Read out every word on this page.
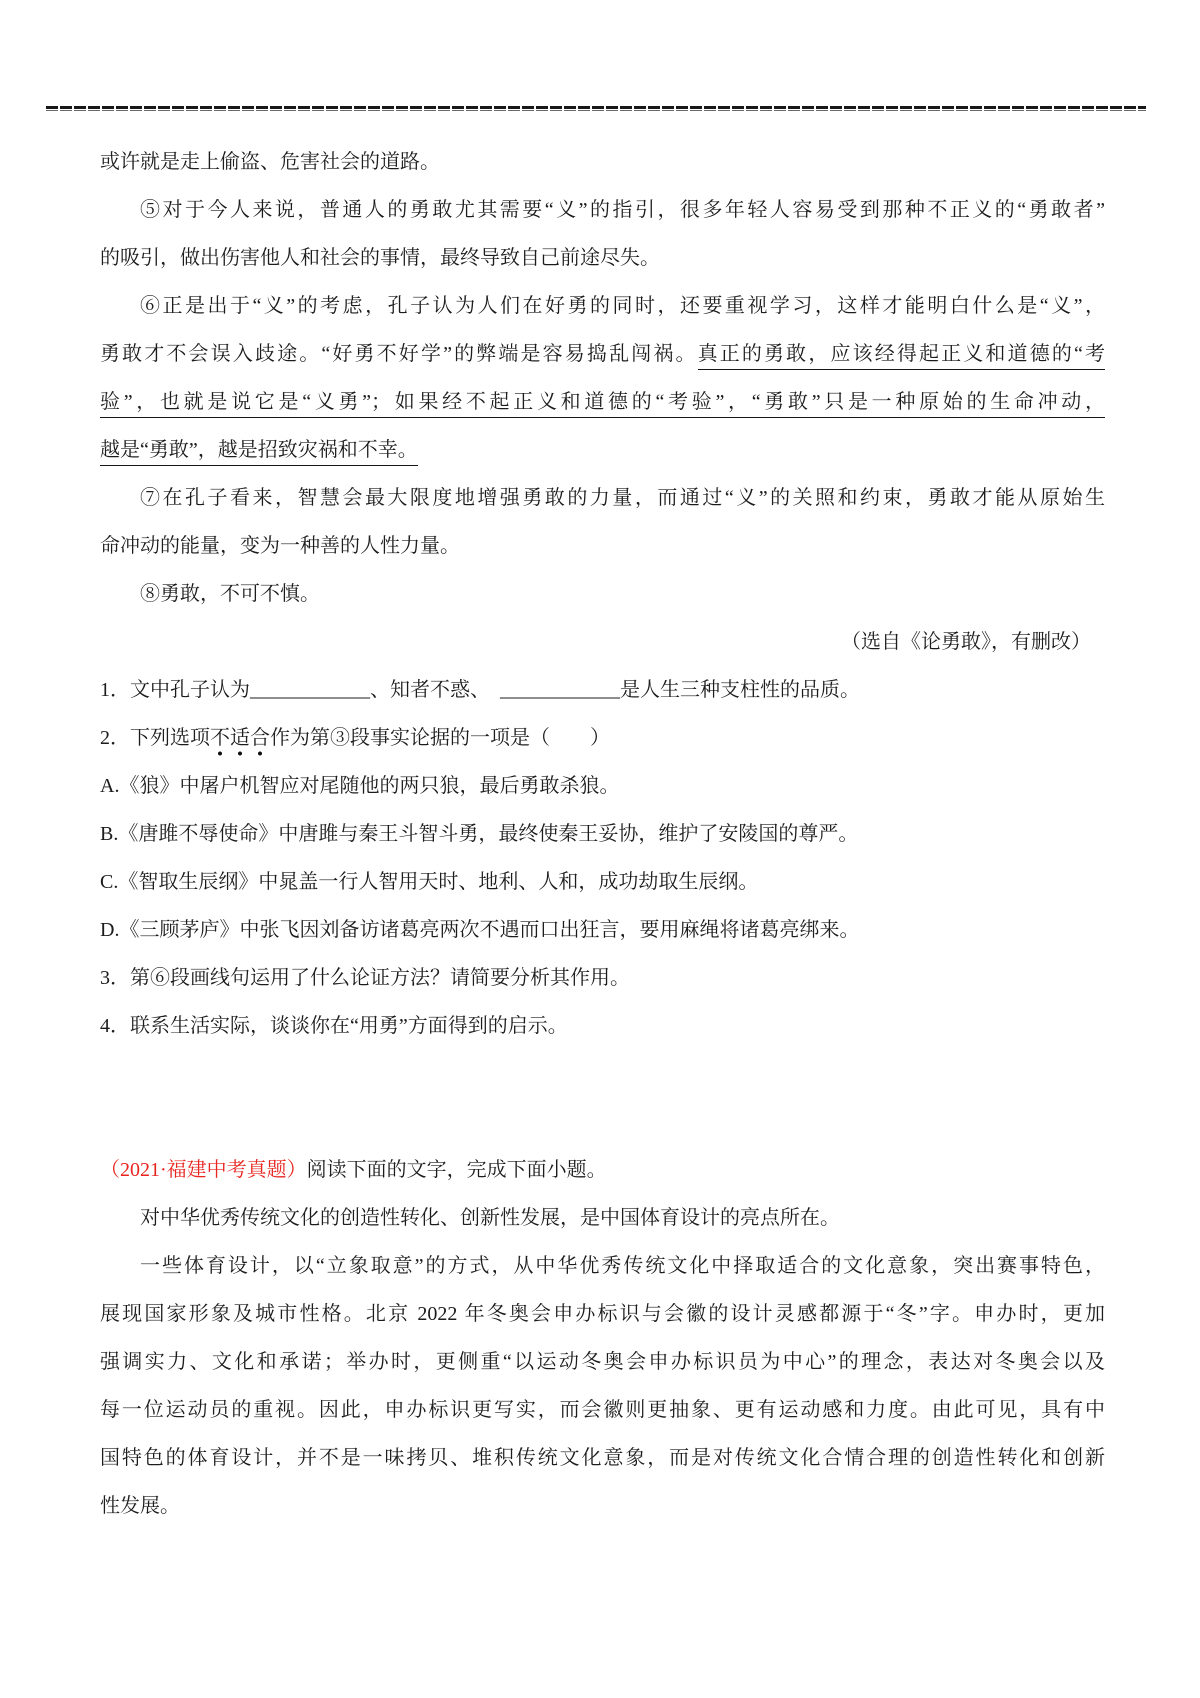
或许就是走上偷盗、危害社会的道路。
⑤对于今人来说，普通人的勇敢尤其需要“义”的指引，很多年轻人容易受到那种不正义的“勇敢者”
的吸引，做出伤害他人和社会的事情，最终导致自己前途尽失。
⑥正是出于“义”的考虑，孔子认为人们在好勇的同时，还要重视学习，这样才能明白什么是“义”，
勇敢才不会误入歧途。“好勇不好学”的弊端是容易捣乱闯祸。真正的勇敢，应该经得起正义和道德的“考
验”，也就是说它是“义勇”；如果经不起正义和道德的“考验”，“勇敢”只是一种原始的生命冲动，
越是“勇敢”，越是招致灾祸和不幸。
⑦在孔子看来，智慧会最大限度地增强勇敢的力量，而通过“义”的关照和约束，勇敢才能从原始生
命冲动的能量，变为一种善的人性力量。
⑧勇敢，不可不慎。
（选自《论勇敢》，有删改）
1．文中孔子认为____________、知者不惑、 ____________是人生三种支柱性的品质。
2．下列选项不适合作为第③段事实论据的一项是（　　）
A.《狼》中屠户机智应对尾随他的两只狼，最后勇敢杀狼。
B.《唐雎不辱使命》中唐雎与秦王斗智斗勇，最终使秦王妥协，维护了安陵国的尊严。
C.《智取生辰纲》中晁盖一行人智用天时、地利、人和，成功劫取生辰纲。
D.《三顾茅庐》中张飞因刘备访诸葛亮两次不遇而口出狂言，要用麻绳将诸葛亮绑来。
3．第⑥段画线句运用了什么论证方法？请简要分析其作用。
4．联系生活实际，谈谈你在“用勇”方面得到的启示。
（2021·福建中考真题）阅读下面的文字，完成下面小题。
对中华优秀传统文化的创造性转化、创新性发展，是中国体育设计的亮点所在。
一些体育设计，以“立象取意”的方式，从中华优秀传统文化中择取适合的文化意象，突出赛事特色，
展现国家形象及城市性格。北京 2022 年冬奥会申办标识与会徽的设计灵感都源于“冬”字。申办时，更加
强调实力、文化和承诺；举办时，更侧重“以运动冬奥会申办标识员为中心”的理念，表达对冬奥会以及
每一位运动员的重视。因此，申办标识更写实，而会徽则更抽象、更有运动感和力度。由此可见，具有中
国特色的体育设计，并不是一味拷贝、堆积传统文化意象，而是对传统文化合情合理的创造性转化和创新
性发展。
